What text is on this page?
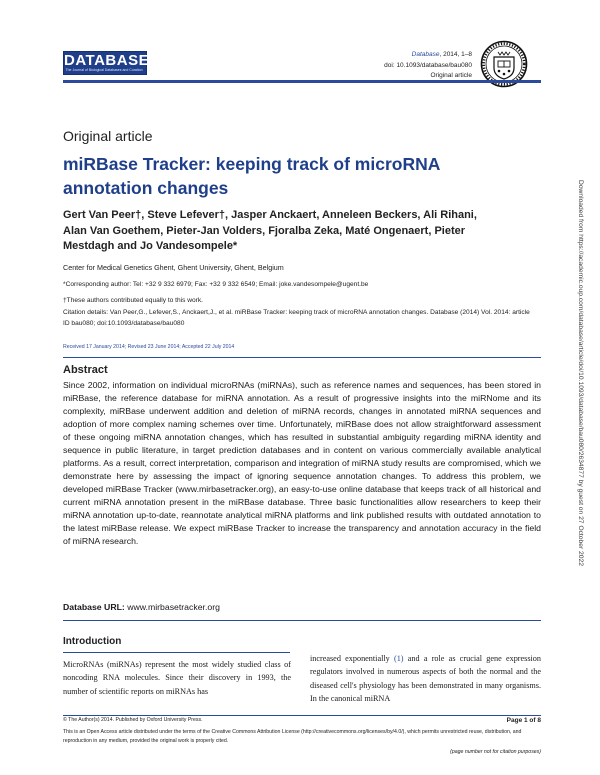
DATABASE
The Journal of Biological Databases and Curation
Database, 2014, 1–8
doi: 10.1093/database/bau080
Original article
Original article
miRBase Tracker: keeping track of microRNA annotation changes
Gert Van Peer†, Steve Lefever†, Jasper Anckaert, Anneleen Beckers, Ali Rihani, Alan Van Goethem, Pieter-Jan Volders, Fjoralba Zeka, Maté Ongenaert, Pieter Mestdagh and Jo Vandesompele*
Center for Medical Genetics Ghent, Ghent University, Ghent, Belgium
*Corresponding author: Tel: +32 9 332 6979; Fax: +32 9 332 6549; Email: joke.vandesompele@ugent.be
†These authors contributed equally to this work.
Citation details: Van Peer,G., Lefever,S., Anckaert,J., et al. miRBase Tracker: keeping track of microRNA annotation changes. Database (2014) Vol. 2014: article ID bau080; doi:10.1093/database/bau080
Received 17 January 2014; Revised 23 June 2014; Accepted 22 July 2014
Abstract
Since 2002, information on individual microRNAs (miRNAs), such as reference names and sequences, has been stored in miRBase, the reference database for miRNA annotation. As a result of progressive insights into the miRNome and its complexity, miRBase underwent addition and deletion of miRNA records, changes in annotated miRNA sequences and adoption of more complex naming schemes over time. Unfortunately, miRBase does not allow straightforward assessment of these ongoing miRNA annotation changes, which has resulted in substantial ambiguity regarding miRNA identity and sequence in public literature, in target prediction databases and in content on various commercially available analytical platforms. As a result, correct interpretation, comparison and integration of miRNA study results are compromised, which we demonstrate here by assessing the impact of ignoring sequence annotation changes. To address this problem, we developed miRBase Tracker (www.mirbasetracker.org), an easy-to-use online database that keeps track of all historical and current miRNA annotation present in the miRBase database. Three basic functionalities allow researchers to keep their miRNA annotation up-to-date, reannotate analytical miRNA platforms and link published results with outdated annotation to the latest miRBase release. We expect miRBase Tracker to increase the transparency and annotation accuracy in the field of miRNA research.
Database URL: www.mirbasetracker.org
Introduction
MicroRNAs (miRNAs) represent the most widely studied class of noncoding RNA molecules. Since their discovery in 1993, the number of scientific reports on miRNAs has
increased exponentially (1) and a role as crucial gene expression regulators involved in numerous aspects of both the normal and the diseased cell's physiology has been demonstrated in many organisms. In the canonical miRNA
© The Author(s) 2014. Published by Oxford University Press.	Page 1 of 8
This is an Open Access article distributed under the terms of the Creative Commons Attribution License (http://creativecommons.org/licenses/by/4.0/), which permits unrestricted reuse, distribution, and reproduction in any medium, provided the original work is properly cited.
(page number not for citation purposes)
Downloaded from https://academic.oup.com/database/article/doi/10.1093/database/bau080/2634877 by guest on 27 October 2022
